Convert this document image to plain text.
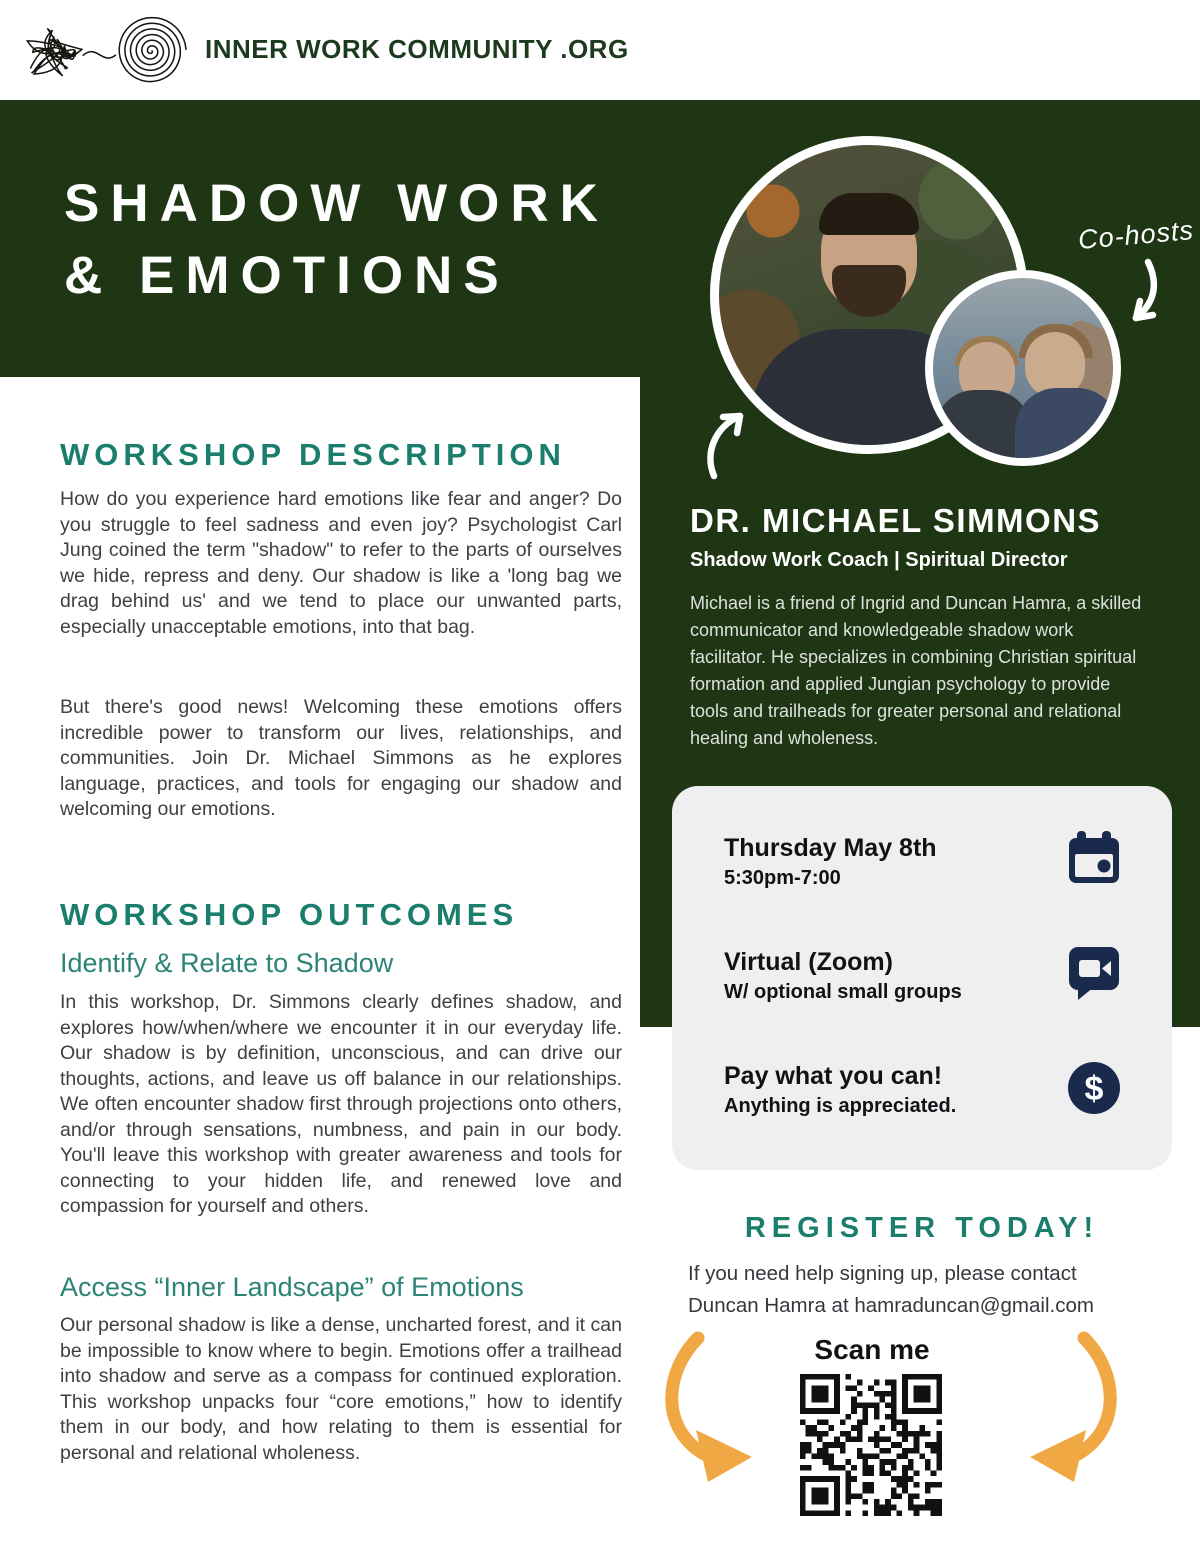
INNER WORK COMMUNITY .ORG
SHADOW WORK
& EMOTIONS
Co-hosts
DR. MICHAEL SIMMONS
Shadow Work Coach | Spiritual Director
Michael is a friend of Ingrid and Duncan Hamra, a skilled communicator and knowledgeable shadow work facilitator. He specializes in combining Christian spiritual formation and applied Jungian psychology to provide tools and trailheads for greater personal and relational healing and wholeness.
Thursday May 8th
5:30pm-7:00
Virtual (Zoom)
W/ optional small groups
Pay what you can!
Anything is appreciated.	$
REGISTER TODAY!
If you need help signing up, please contact
Duncan Hamra at hamraduncan@gmail.com
Scan me
WORKSHOP DESCRIPTION
How do you experience hard emotions like fear and anger? Do you struggle to feel sadness and even joy? Psychologist Carl Jung coined the term "shadow" to refer to the parts of ourselves we hide, repress and deny. Our shadow is like a 'long bag we drag behind us' and we tend to place our unwanted parts, especially unacceptable emotions, into that bag.
But there's good news! Welcoming these emotions offers incredible power to transform our lives, relationships, and communities. Join Dr. Michael Simmons as he explores language, practices, and tools for engaging our shadow and welcoming our emotions.
WORKSHOP OUTCOMES
Identify & Relate to Shadow
In this workshop, Dr. Simmons clearly defines shadow, and explores how/when/where we encounter it in our everyday life. Our shadow is by definition, unconscious, and can drive our thoughts, actions, and leave us off balance in our relationships. We often encounter shadow first through projections onto others, and/or through sensations, numbness, and pain in our body. You'll leave this workshop with greater awareness and tools for connecting to your hidden life, and renewed love and compassion for yourself and others.
Access “Inner Landscape” of Emotions
Our personal shadow is like a dense, uncharted forest, and it can be impossible to know where to begin. Emotions offer a trailhead into shadow and serve as a compass for continued exploration. This workshop unpacks four “core emotions,” how to identify them in our body, and how relating to them is essential for personal and relational wholeness.
